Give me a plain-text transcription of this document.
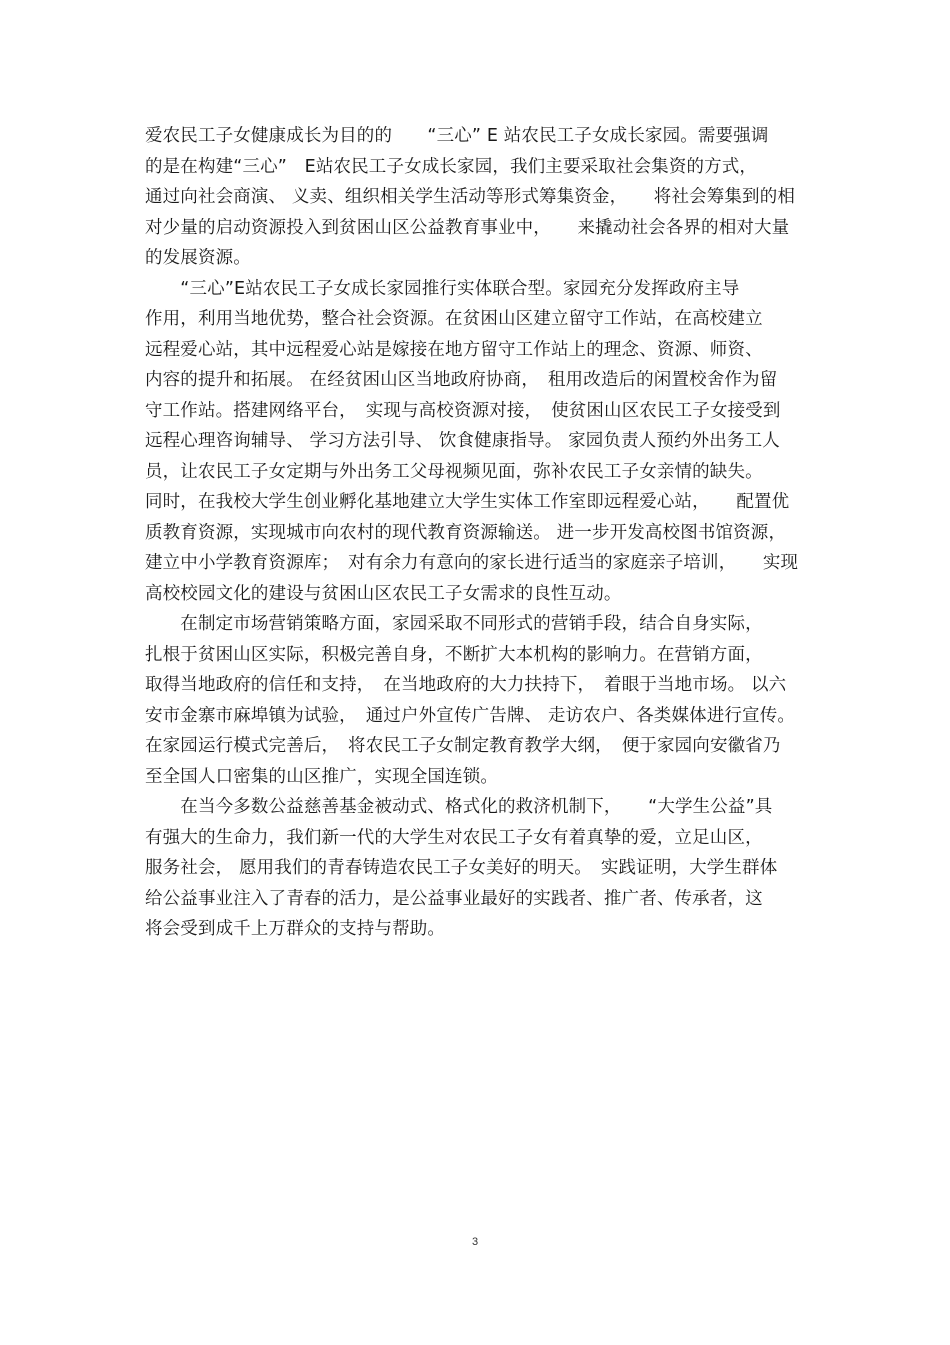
爱农民工子女健康成长为目的的　　“三心” E 站农民工子女成长家园。需要强调
的是在构建“三心”　E站农民工子女成长家园，我们主要采取社会集资的方式，
通过向社会商演、 义卖、组织相关学生活动等形式筹集资金，　　将社会筹集到的相
对少量的启动资源投入到贫困山区公益教育事业中，　　来撬动社会各界的相对大量
的发展资源。
　　“三心”E站农民工子女成长家园推行实体联合型。家园充分发挥政府主导
作用，利用当地优势，整合社会资源。在贫困山区建立留守工作站，在高校建立
远程爱心站，其中远程爱心站是嫁接在地方留守工作站上的理念、资源、师资、
内容的提升和拓展。 在经贫困山区当地政府协商，　租用改造后的闲置校舍作为留
守工作站。搭建网络平台，　实现与高校资源对接，　使贫困山区农民工子女接受到
远程心理咨询辅导、 学习方法引导、 饮食健康指导。 家园负责人预约外出务工人
员，让农民工子女定期与外出务工父母视频见面，弥补农民工子女亲情的缺失。
同时，在我校大学生创业孵化基地建立大学生实体工作室即远程爱心站，　　配置优
质教育资源，实现城市向农村的现代教育资源输送。 进一步开发高校图书馆资源，
建立中小学教育资源库；　对有余力有意向的家长进行适当的家庭亲子培训，　　实现
高校校园文化的建设与贫困山区农民工子女需求的良性互动。
　　在制定市场营销策略方面，家园采取不同形式的营销手段，结合自身实际，
扎根于贫困山区实际，积极完善自身，不断扩大本机构的影响力。在营销方面，
取得当地政府的信任和支持，　在当地政府的大力扶持下，　着眼于当地市场。 以六
安市金寨市麻埠镇为试验，　通过户外宣传广告牌、 走访农户、各类媒体进行宣传。
在家园运行模式完善后，　将农民工子女制定教育教学大纲，　便于家园向安徽省乃
至全国人口密集的山区推广，实现全国连锁。
　　在当今多数公益慈善基金被动式、格式化的救济机制下，　　“大学生公益”具
有强大的生命力，我们新一代的大学生对农民工子女有着真挚的爱，立足山区，
服务社会， 愿用我们的青春铸造农民工子女美好的明天。　实践证明，大学生群体
给公益事业注入了青春的活力，是公益事业最好的实践者、推广者、传承者，这
将会受到成千上万群众的支持与帮助。
3
